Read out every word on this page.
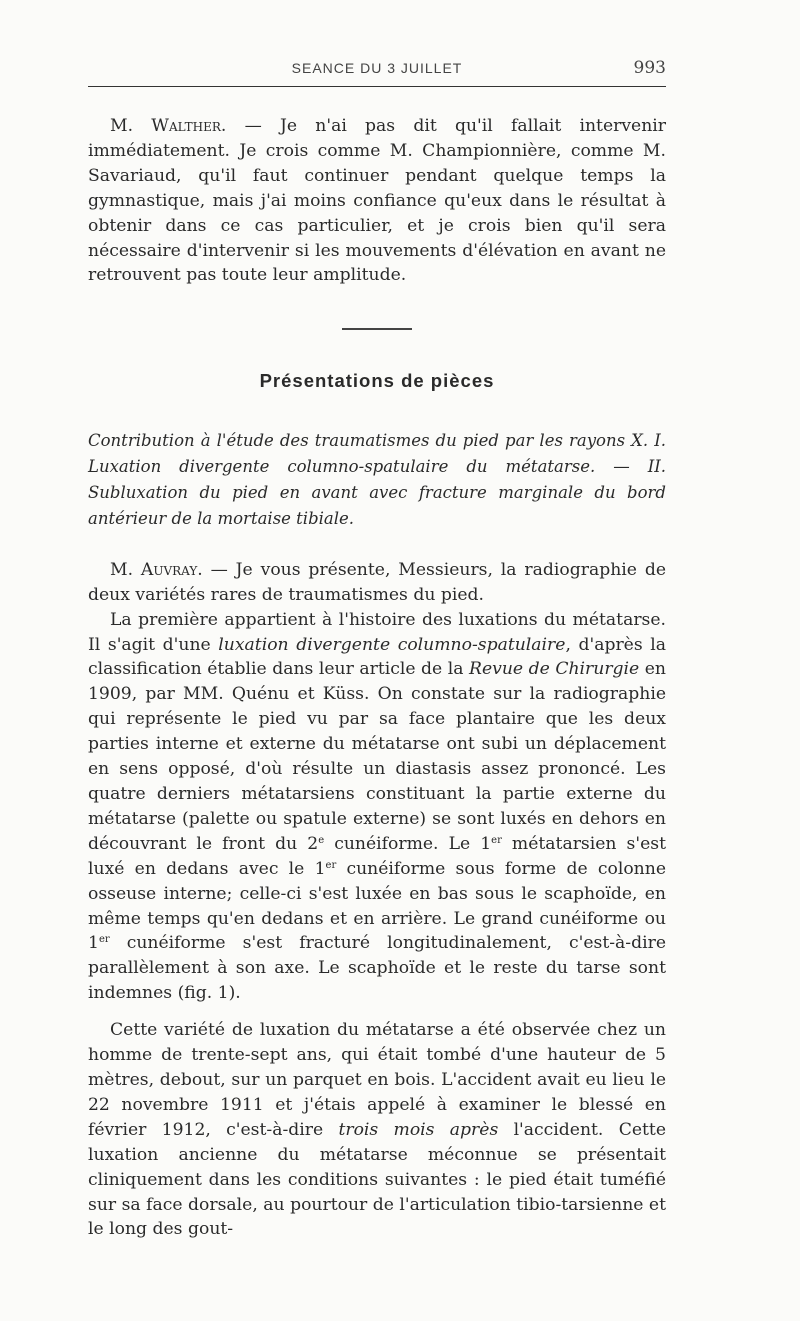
SEANCE DU 3 JUILLET	993

M. Walther. — Je n'ai pas dit qu'il fallait intervenir immédiatement. Je crois comme M. Championnière, comme M. Savariaud, qu'il faut continuer pendant quelque temps la gymnastique, mais j'ai moins confiance qu'eux dans le résultat à obtenir dans ce cas particulier, et je crois bien qu'il sera nécessaire d'intervenir si les mouvements d'élévation en avant ne retrouvent pas toute leur amplitude.

Présentations de pièces

Contribution à l'étude des traumatismes du pied par les rayons X. I. Luxation divergente columno-spatulaire du métatarse. — II. Subluxation du pied en avant avec fracture marginale du bord antérieur de la mortaise tibiale.

M. Auvray. — Je vous présente, Messieurs, la radiographie de deux variétés rares de traumatismes du pied.

La première appartient à l'histoire des luxations du métatarse. Il s'agit d'une luxation divergente columno-spatulaire, d'après la classification établie dans leur article de la Revue de Chirurgie en 1909, par MM. Quénu et Küss. On constate sur la radiographie qui représente le pied vu par sa face plantaire que les deux parties interne et externe du métatarse ont subi un déplacement en sens opposé, d'où résulte un diastasis assez prononcé. Les quatre derniers métatarsiens constituant la partie externe du métatarse (palette ou spatule externe) se sont luxés en dehors en découvrant le front du 2e cunéiforme. Le 1er métatarsien s'est luxé en dedans avec le 1er cunéiforme sous forme de colonne osseuse interne; celle-ci s'est luxée en bas sous le scaphoïde, en même temps qu'en dedans et en arrière. Le grand cunéiforme ou 1er cunéiforme s'est fracturé longitudinalement, c'est-à-dire parallèlement à son axe. Le scaphoïde et le reste du tarse sont indemnes (fig. 1).

Cette variété de luxation du métatarse a été observée chez un homme de trente-sept ans, qui était tombé d'une hauteur de 5 mètres, debout, sur un parquet en bois. L'accident avait eu lieu le 22 novembre 1911 et j'étais appelé à examiner le blessé en février 1912, c'est-à-dire trois mois après l'accident. Cette luxation ancienne du métatarse méconnue se présentait cliniquement dans les conditions suivantes : le pied était tuméfié sur sa face dorsale, au pourtour de l'articulation tibio-tarsienne et le long des gout-
